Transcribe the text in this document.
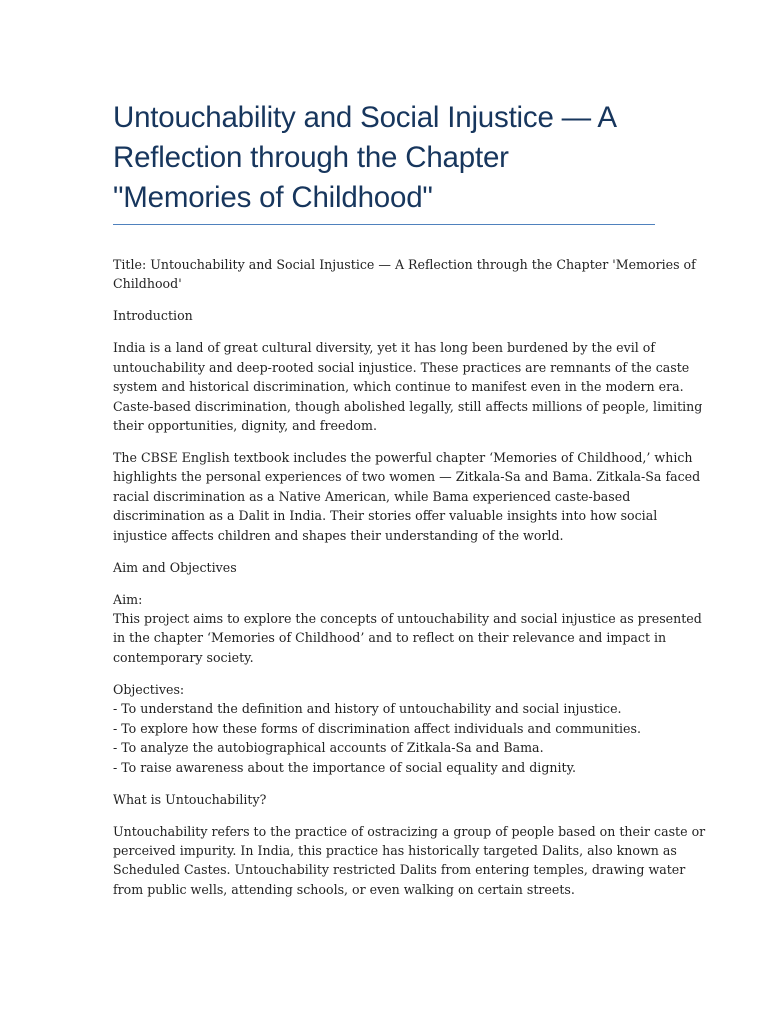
Untouchability and Social Injustice — A
Reflection through the Chapter
"Memories of Childhood"

Title: Untouchability and Social Injustice — A Reflection through the Chapter 'Memories of
Childhood'

Introduction

India is a land of great cultural diversity, yet it has long been burdened by the evil of
untouchability and deep-rooted social injustice. These practices are remnants of the caste
system and historical discrimination, which continue to manifest even in the modern era.
Caste-based discrimination, though abolished legally, still affects millions of people, limiting
their opportunities, dignity, and freedom.

The CBSE English textbook includes the powerful chapter ‘Memories of Childhood,’ which
highlights the personal experiences of two women — Zitkala-Sa and Bama. Zitkala-Sa faced
racial discrimination as a Native American, while Bama experienced caste-based
discrimination as a Dalit in India. Their stories offer valuable insights into how social
injustice affects children and shapes their understanding of the world.

Aim and Objectives

Aim:
This project aims to explore the concepts of untouchability and social injustice as presented
in the chapter ‘Memories of Childhood’ and to reflect on their relevance and impact in
contemporary society.

Objectives:
- To understand the definition and history of untouchability and social injustice.
- To explore how these forms of discrimination affect individuals and communities.
- To analyze the autobiographical accounts of Zitkala-Sa and Bama.
- To raise awareness about the importance of social equality and dignity.

What is Untouchability?

Untouchability refers to the practice of ostracizing a group of people based on their caste or
perceived impurity. In India, this practice has historically targeted Dalits, also known as
Scheduled Castes. Untouchability restricted Dalits from entering temples, drawing water
from public wells, attending schools, or even walking on certain streets.
